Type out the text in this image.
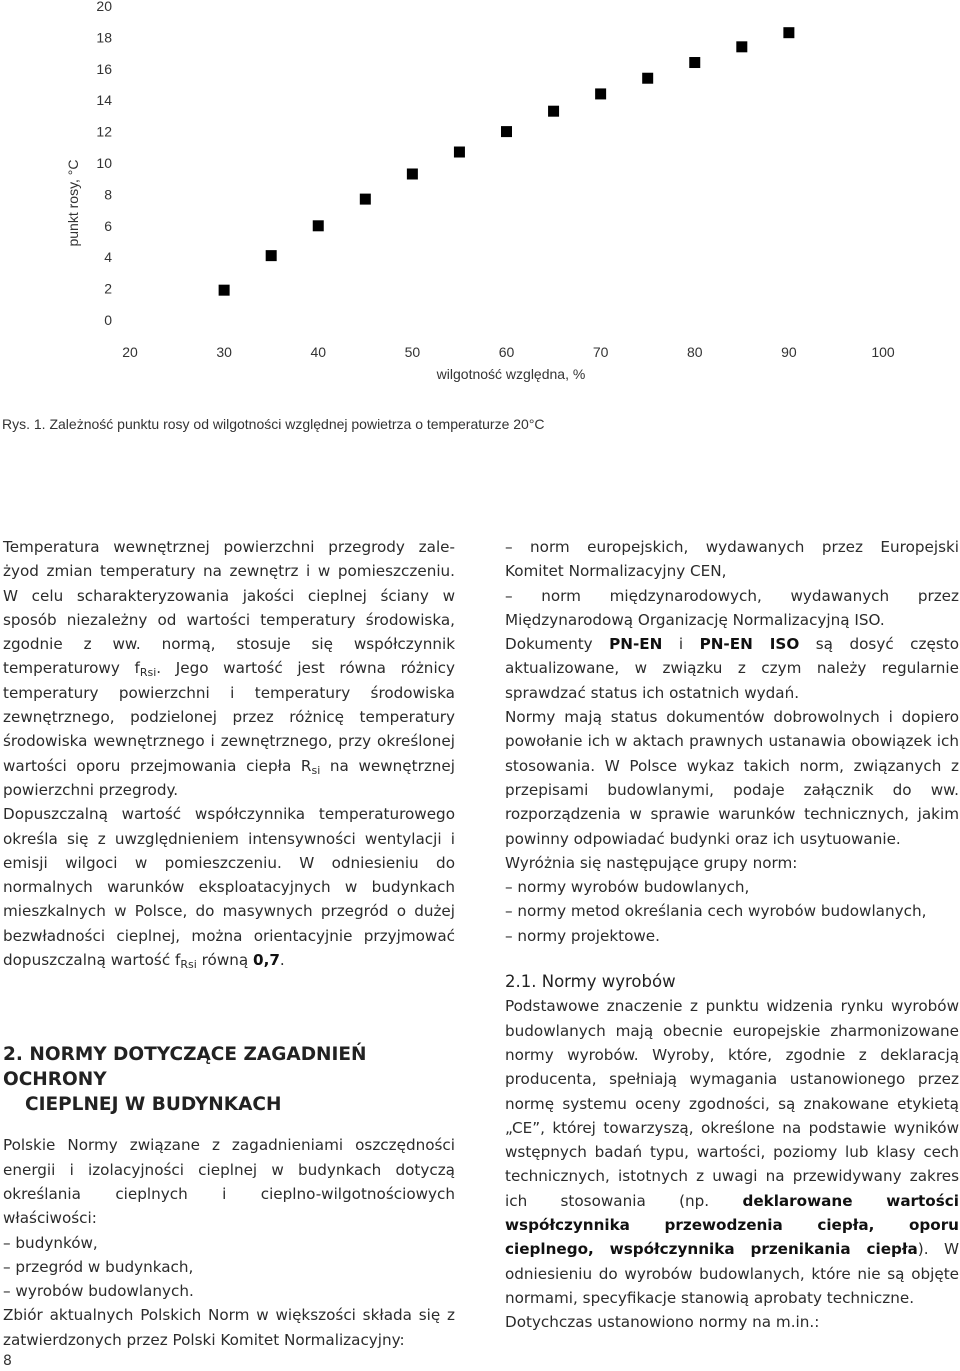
0
2
4
6
8
10
12
14
16
18
20
20	30	40	50	60	70	80	90	100
wilgotność względna, %
punkt rosy, °C
Rys. 1. Zależność punktu rosy od wilgotności względnej powietrza o temperaturze 20°C

Temperatura wewnętrznej powierzchni przegrody zale-żyod zmian temperatury na zewnętrz i w pomieszczeniu. W celu scharakteryzowania jakości cieplnej ściany w sposób niezależny od wartości temperatury środowiska, zgodnie z ww. normą, stosuje się współczynnik temperaturowy $f_{Rsi}$. Jego wartość jest równa różnicy temperatury powierzchni i temperatury środowiska zewnętrznego, podzielonej przez różnicę temperatury środowiska wewnętrznego i zewnętrznego, przy określonej wartości oporu przejmowania ciepła $R_{si}$ na wewnętrznej powierzchni przegrody.

Dopuszczalną wartość współczynnika temperaturowego określa się z uwzględnieniem intensywności wentylacji i emisji wilgoci w pomieszczeniu. W odniesieniu do normalnych warunków eksploatacyjnych w budynkach mieszkalnych w Polsce, do masywnych przegród o dużej bezwładności cieplnej, można orientacyjnie przyjmować dopuszczalną wartość $f_{Rsi}$ równą 0,7.

2. NORMY DOTYCZĄCE ZAGADNIEŃ OCHRONY
CIEPLNEJ W BUDYNKACH

Polskie Normy związane z zagadnieniami oszczędności energii i izolacyjności cieplnej w budynkach dotyczą określania cieplnych i cieplno-wilgotnościowych właściwości:

– budynków,

– przegród w budynkach,

– wyrobów budowlanych.

Zbiór aktualnych Polskich Norm w większości składa się z zatwierdzonych przez Polski Komitet Normalizacyjny:

– norm europejskich, wydawanych przez Europejski Komitet Normalizacyjny CEN,

– norm międzynarodowych, wydawanych przez Międzynarodową Organizację Normalizacyjną ISO.

Dokumenty PN-EN i PN-EN ISO są dosyć często aktualizowane, w związku z czym należy regularnie sprawdzać status ich ostatnich wydań.

Normy mają status dokumentów dobrowolnych i dopiero powołanie ich w aktach prawnych ustanawia obowiązek ich stosowania. W Polsce wykaz takich norm, związanych z przepisami budowlanymi, podaje załącznik do ww. rozporządzenia w sprawie warunków technicznych, jakim powinny odpowiadać budynki oraz ich usytuowanie.

Wyróżnia się następujące grupy norm:

– normy wyrobów budowlanych,

– normy metod określania cech wyrobów budowlanych,

– normy projektowe.

2.1. Normy wyrobów

Podstawowe znaczenie z punktu widzenia rynku wyrobów budowlanych mają obecnie europejskie zharmonizowane normy wyrobów. Wyroby, które, zgodnie z deklaracją producenta, spełniają wymagania ustanowionego przez normę systemu oceny zgodności, są znakowane etykietą „CE”, której towarzyszą, określone na podstawie wyników wstępnych badań typu, wartości, poziomy lub klasy cech technicznych, istotnych z uwagi na przewidywany zakres ich stosowania (np. deklarowane wartości współczynnika przewodzenia ciepła, oporu cieplnego, współczynnika przenikania ciepła). W odniesieniu do wyrobów budowlanych, które nie są objęte normami, specyfikacje stanowią aprobaty techniczne.

Dotychczas ustanowiono normy na m.in.:

8
